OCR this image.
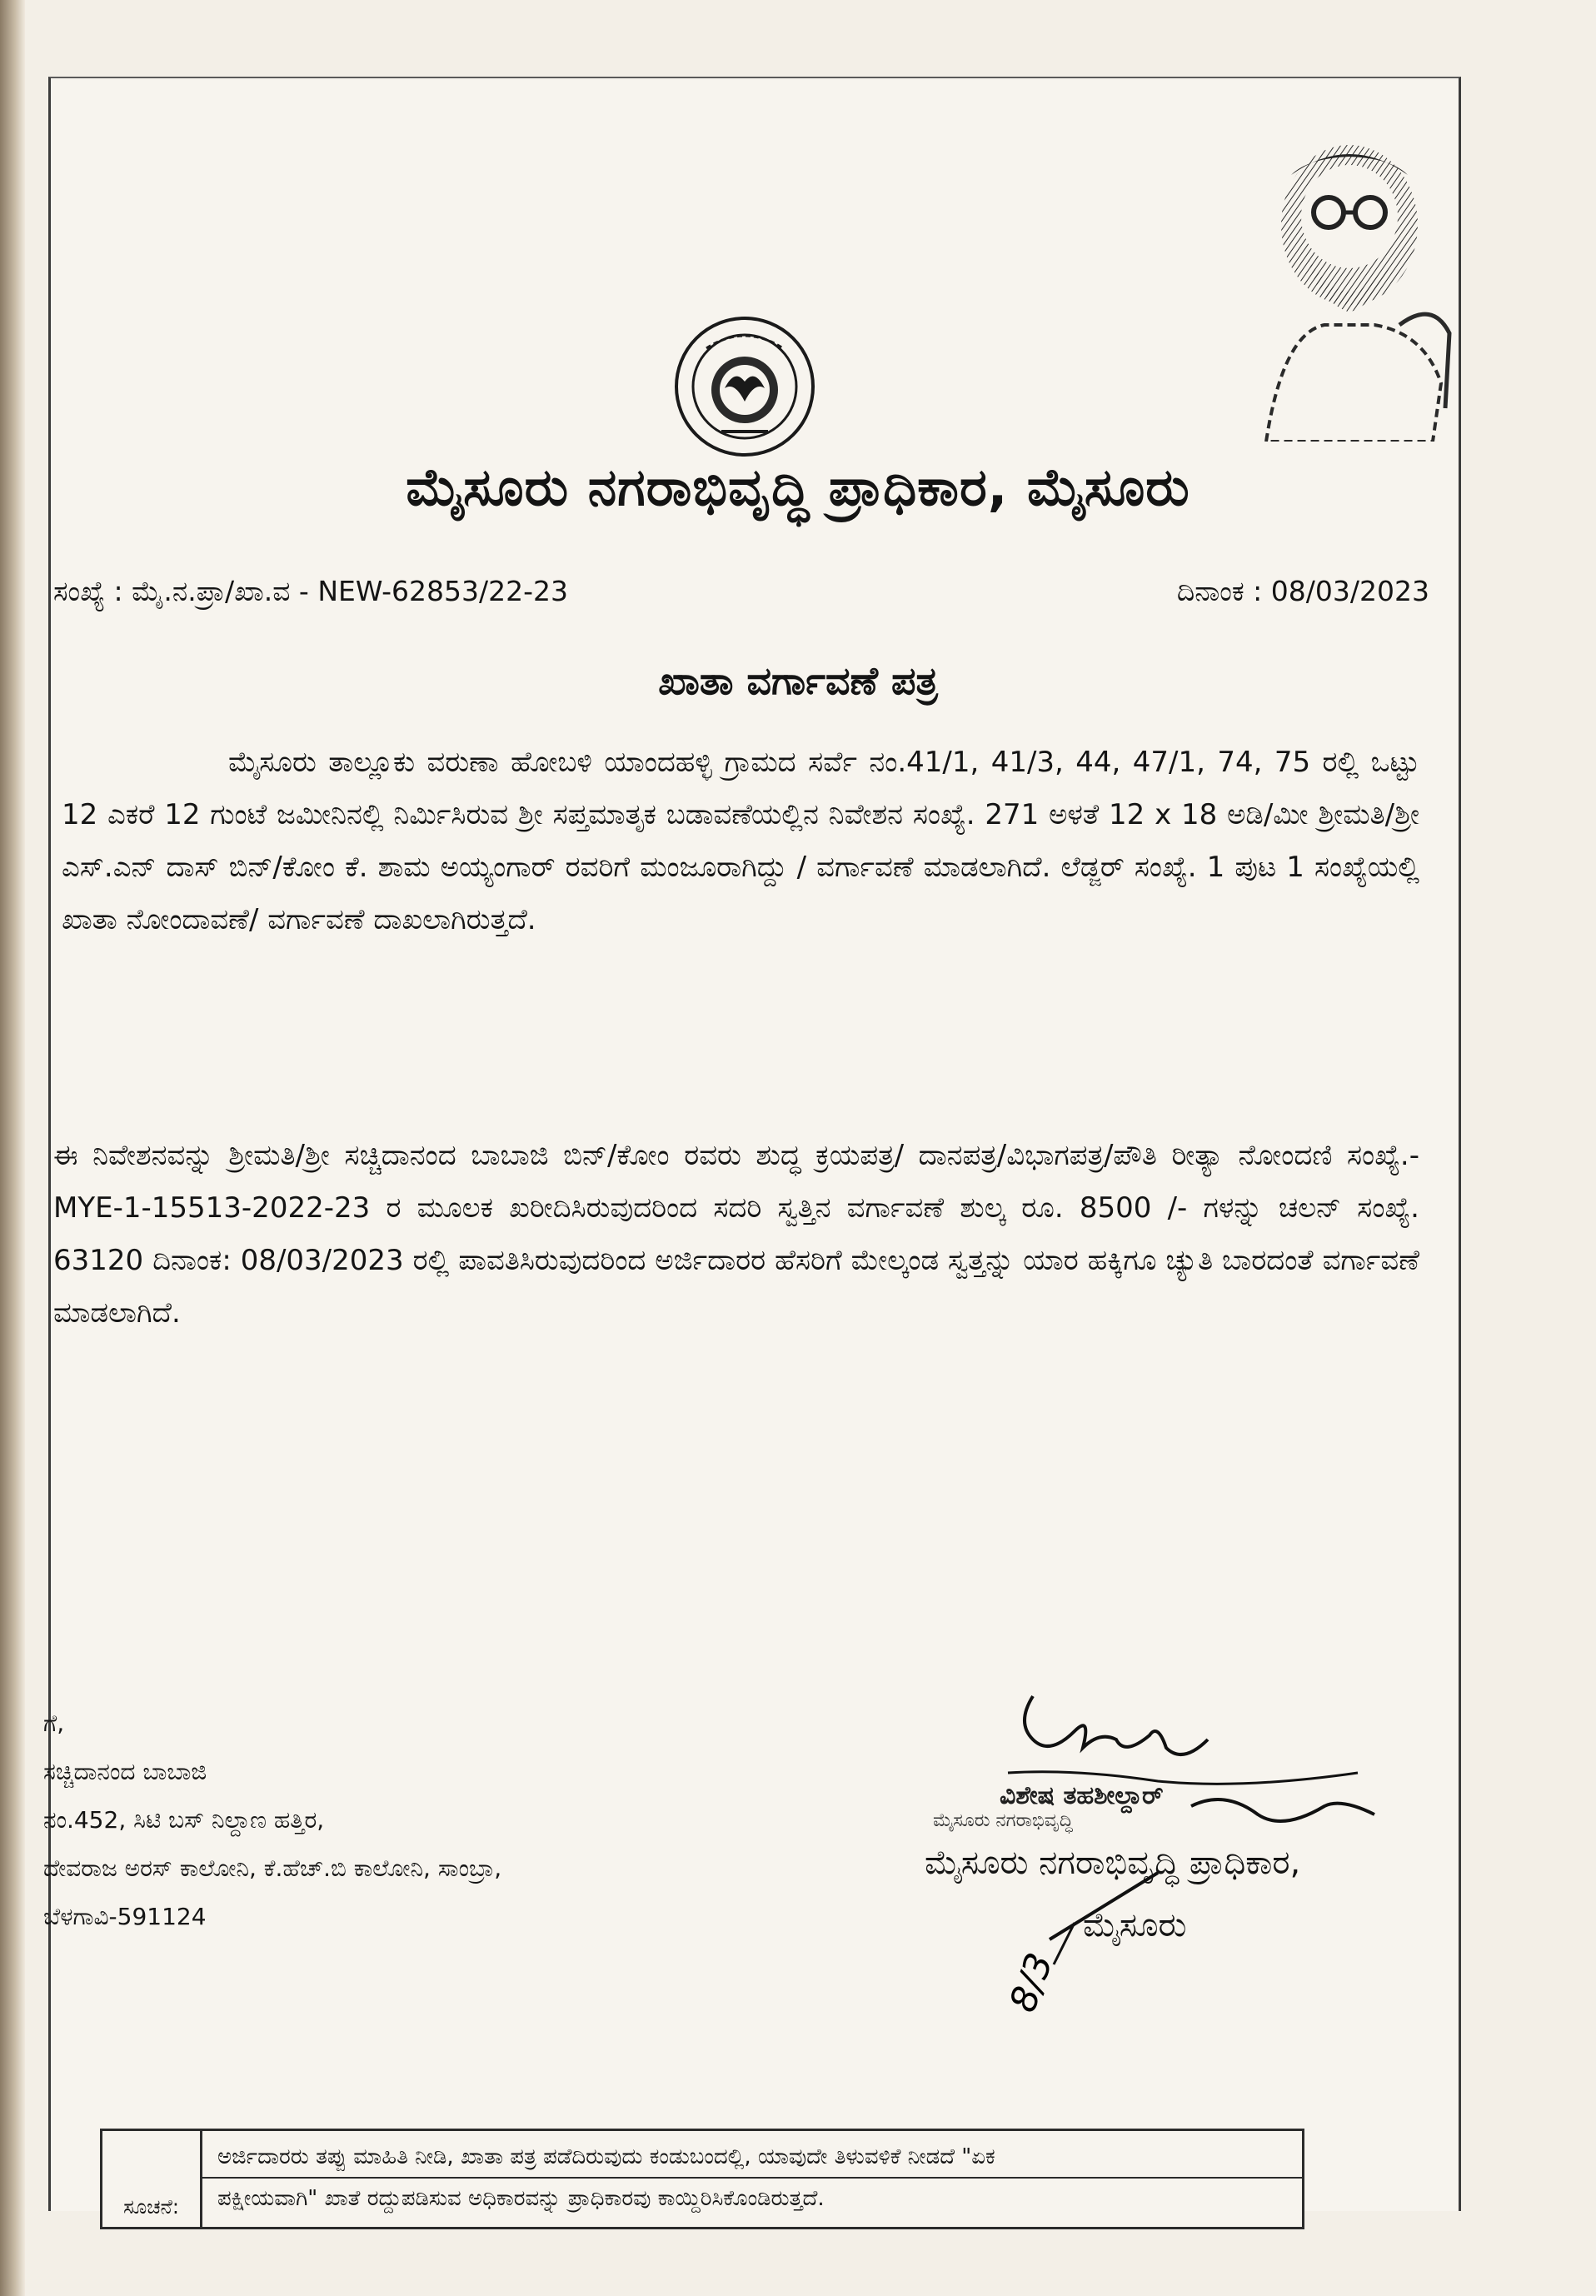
ಮೈಸೂರು ನಗರಾಭಿವೃದ್ಧಿ ಪ್ರಾಧಿಕಾರ, ಮೈಸೂರು
ಸಂಖ್ಯೆ : ಮೈ.ನ.ಪ್ರಾ/ಖಾ.ವ - NEW-62853/22-23	ದಿನಾಂಕ : 08/03/2023
ಖಾತಾ ವರ್ಗಾವಣೆ ಪತ್ರ
ಮೈಸೂರು ತಾಲ್ಲೂಕು ವರುಣಾ ಹೋಬಳಿ ಯಾಂದಹಳ್ಳಿ ಗ್ರಾಮದ ಸರ್ವೆ ನಂ.41/1, 41/3, 44, 47/1, 74, 75 ರಲ್ಲಿ ಒಟ್ಟು 12 ಎಕರೆ 12 ಗುಂಟೆ ಜಮೀನಿನಲ್ಲಿ ನಿರ್ಮಿಸಿರುವ ಶ್ರೀ ಸಪ್ತಮಾತೃಕ ಬಡಾವಣೆಯಲ್ಲಿನ ನಿವೇಶನ ಸಂಖ್ಯೆ. 271 ಅಳತೆ 12 x 18 ಅಡಿ/ಮೀ ಶ್ರೀಮತಿ/ಶ್ರೀ ಎಸ್.ಎನ್ ದಾಸ್ ಬಿನ್/ಕೋಂ ಕೆ. ಶಾಮ ಅಯ್ಯಂಗಾರ್ ರವರಿಗೆ ಮಂಜೂರಾಗಿದ್ದು / ವರ್ಗಾವಣೆ ಮಾಡಲಾಗಿದೆ. ಲೆಡ್ಜರ್ ಸಂಖ್ಯೆ. 1 ಪುಟ 1 ಸಂಖ್ಯೆಯಲ್ಲಿ ಖಾತಾ ನೋಂದಾವಣೆ/ ವರ್ಗಾವಣೆ ದಾಖಲಾಗಿರುತ್ತದೆ.
ಈ ನಿವೇಶನವನ್ನು ಶ್ರೀಮತಿ/ಶ್ರೀ ಸಚ್ಚಿದಾನಂದ ಬಾಬಾಜಿ ಬಿನ್/ಕೋಂ ರವರು ಶುದ್ಧ ಕ್ರಯಪತ್ರ/ ದಾನಪತ್ರ/ವಿಭಾಗಪತ್ರ/ಪೌತಿ ರೀತ್ಯಾ ನೋಂದಣಿ ಸಂಖ್ಯೆ.- MYE-1-15513-2022-23 ರ ಮೂಲಕ ಖರೀದಿಸಿರುವುದರಿಂದ ಸದರಿ ಸ್ವತ್ತಿನ ವರ್ಗಾವಣೆ ಶುಲ್ಕ ರೂ. 8500 /- ಗಳನ್ನು ಚಲನ್ ಸಂಖ್ಯೆ. 63120 ದಿನಾಂಕ: 08/03/2023 ರಲ್ಲಿ ಪಾವತಿಸಿರುವುದರಿಂದ ಅರ್ಜಿದಾರರ ಹೆಸರಿಗೆ ಮೇಲ್ಕಂಡ ಸ್ವತ್ತನ್ನು ಯಾರ ಹಕ್ಕಿಗೂ ಚ್ಯುತಿ ಬಾರದಂತೆ ವರ್ಗಾವಣೆ ಮಾಡಲಾಗಿದೆ.
ಗೆ,
ಸಚ್ಚಿದಾನಂದ ಬಾಬಾಜಿ
ನಂ.452, ಸಿಟಿ ಬಸ್ ನಿಲ್ದಾಣ ಹತ್ತಿರ,
ದೇವರಾಜ ಅರಸ್ ಕಾಲೋನಿ, ಕೆ.ಹೆಚ್.ಬಿ ಕಾಲೋನಿ, ಸಾಂಬ್ರಾ,
ಬೆಳಗಾವಿ-591124
ವಿಶೇಷ ತಹಶೀಲ್ದಾರ್
ಮೈಸೂರು ನಗರಾಭಿವೃದ್ಧಿ
ಮೈಸೂರು ನಗರಾಭಿವೃದ್ಧಿ ಪ್ರಾಧಿಕಾರ,
ಮೈಸೂರು
8/3
ಸೂಚನೆ:
ಅರ್ಜಿದಾರರು ತಪ್ಪು ಮಾಹಿತಿ ನೀಡಿ, ಖಾತಾ ಪತ್ರ ಪಡೆದಿರುವುದು ಕಂಡುಬಂದಲ್ಲಿ, ಯಾವುದೇ ತಿಳುವಳಿಕೆ ನೀಡದೆ "ಏಕ
ಪಕ್ಷೀಯವಾಗಿ" ಖಾತೆ ರದ್ದುಪಡಿಸುವ ಅಧಿಕಾರವನ್ನು ಪ್ರಾಧಿಕಾರವು ಕಾಯ್ದಿರಿಸಿಕೊಂಡಿರುತ್ತದೆ.
